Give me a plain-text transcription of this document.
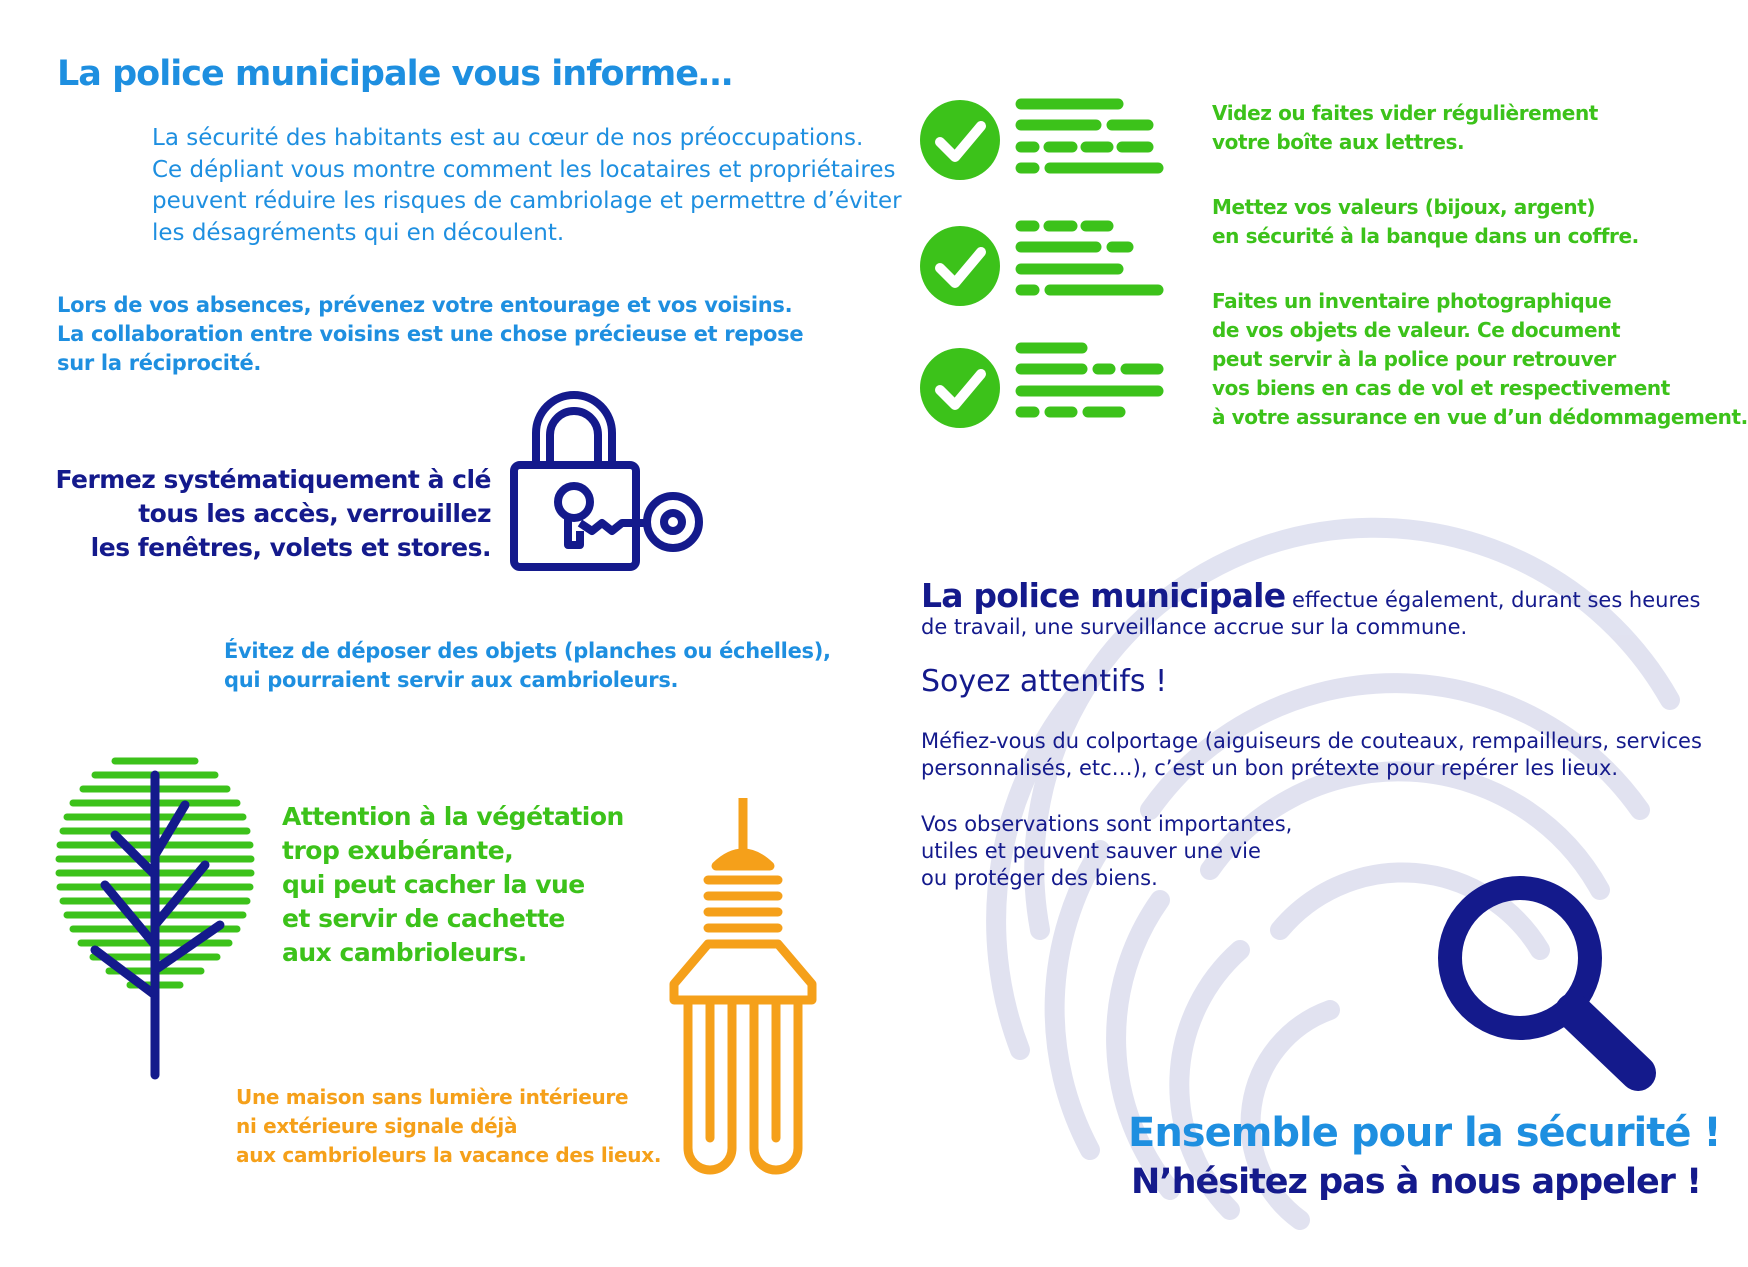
La police municipale vous informe…

La sécurité des habitants est au cœur de nos préoccupations.
Ce dépliant vous montre comment les locataires et propriétaires
peuvent réduire les risques de cambriolage et permettre d’éviter
les désagréments qui en découlent.

Lors de vos absences, prévenez votre entourage et vos voisins.
La collaboration entre voisins est une chose précieuse et repose
sur la réciprocité.

Fermez systématiquement à clé
tous les accès, verrouillez
les fenêtres, volets et stores.

Évitez de déposer des objets (planches ou échelles),
qui pourraient servir aux cambrioleurs.

Attention à la végétation
trop exubérante,
qui peut cacher la vue
et servir de cachette
aux cambrioleurs.

Une maison sans lumière intérieure
ni extérieure signale déjà
aux cambrioleurs la vacance des lieux.

Videz ou faites vider régulièrement
votre boîte aux lettres.
Mettez vos valeurs (bijoux, argent)
en sécurité à la banque dans un coffre.
Faites un inventaire photographique
de vos objets de valeur. Ce document
peut servir à la police pour retrouver
vos biens en cas de vol et respectivement
à votre assurance en vue d’un dédommagement.
La police municipale effectue également, durant ses heures
de travail, une surveillance accrue sur la commune.

Soyez attentifs !

Méfiez-vous du colportage (aiguiseurs de couteaux, rempailleurs, services
personnalisés, etc…), c’est un bon prétexte pour repérer les lieux.

Vos observations sont importantes,
utiles et peuvent sauver une vie
ou protéger des biens.

Ensemble pour la sécurité !

N’hésitez pas à nous appeler !
